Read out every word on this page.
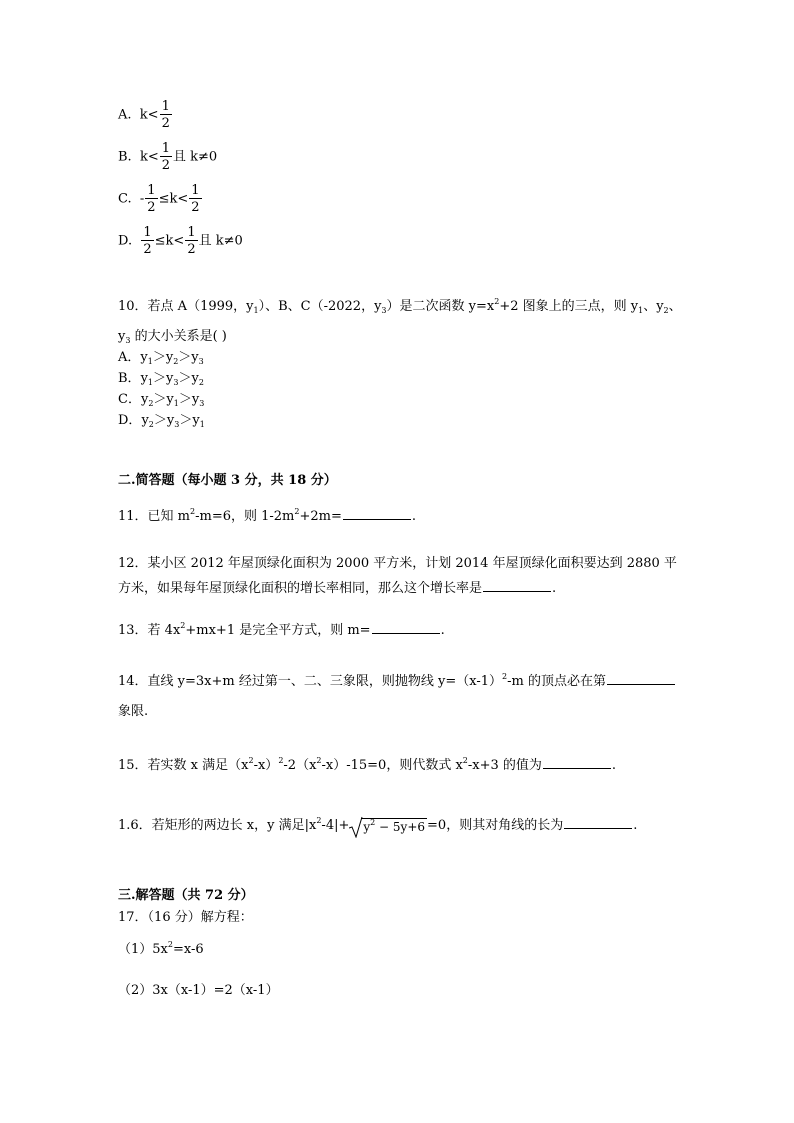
A. $k< \frac{1}{2}$
B. $k< \frac{1}{2}$ 且 k≠0
C. - $\frac{1}{2} \le k< \frac{1}{2}$
D. $\frac{1}{2} \le k< \frac{1}{2}$ 且 k≠0
10．若点 A（1999，$y_1$）、B、C（-2022，$y_3$）是二次函数 $y=x^2+2$ 图象上的三点，则 $y_1$、$y_2$、
$y_3$ 的大小关系是( )
A．$y_1>y_2>y_3$
B．$y_1>y_3>y_2$
C．$y_2>y_1>y_3$
D．$y_2>y_3>y_1$
二.简答题（每小题 3 分，共 18 分）
11．已知 $m^2-m=6$，则 $1-2m^2+2m=$	.
12．某小区 2012 年屋顶绿化面积为 2000 平方米，计划 2014 年屋顶绿化面积要达到 2880 平
方米，如果每年屋顶绿化面积的增长率相同，那么这个增长率是	.
13．若 $4x^2+mx+1$ 是完全平方式，则 m=	.
14．直线 y=3x+m 经过第一、二、三象限，则抛物线 $y=(x-1)^2-m$ 的顶点必在第
象限.
15．若实数 x 满足$(x^2-x)^2-2(x^2-x)-15=0$，则代数式 $x^2-x+3$ 的值为	.
1.6．若矩形的两边长 x，y 满足$|x^2-4|+ y^2 - 5y+6 =0$，则其对角线的长为	.
三.解答题（共 72 分）
17．（16 分）解方程：
$(1)5x^2=x-6$
（2）3x（x-1）=2（x-1）
